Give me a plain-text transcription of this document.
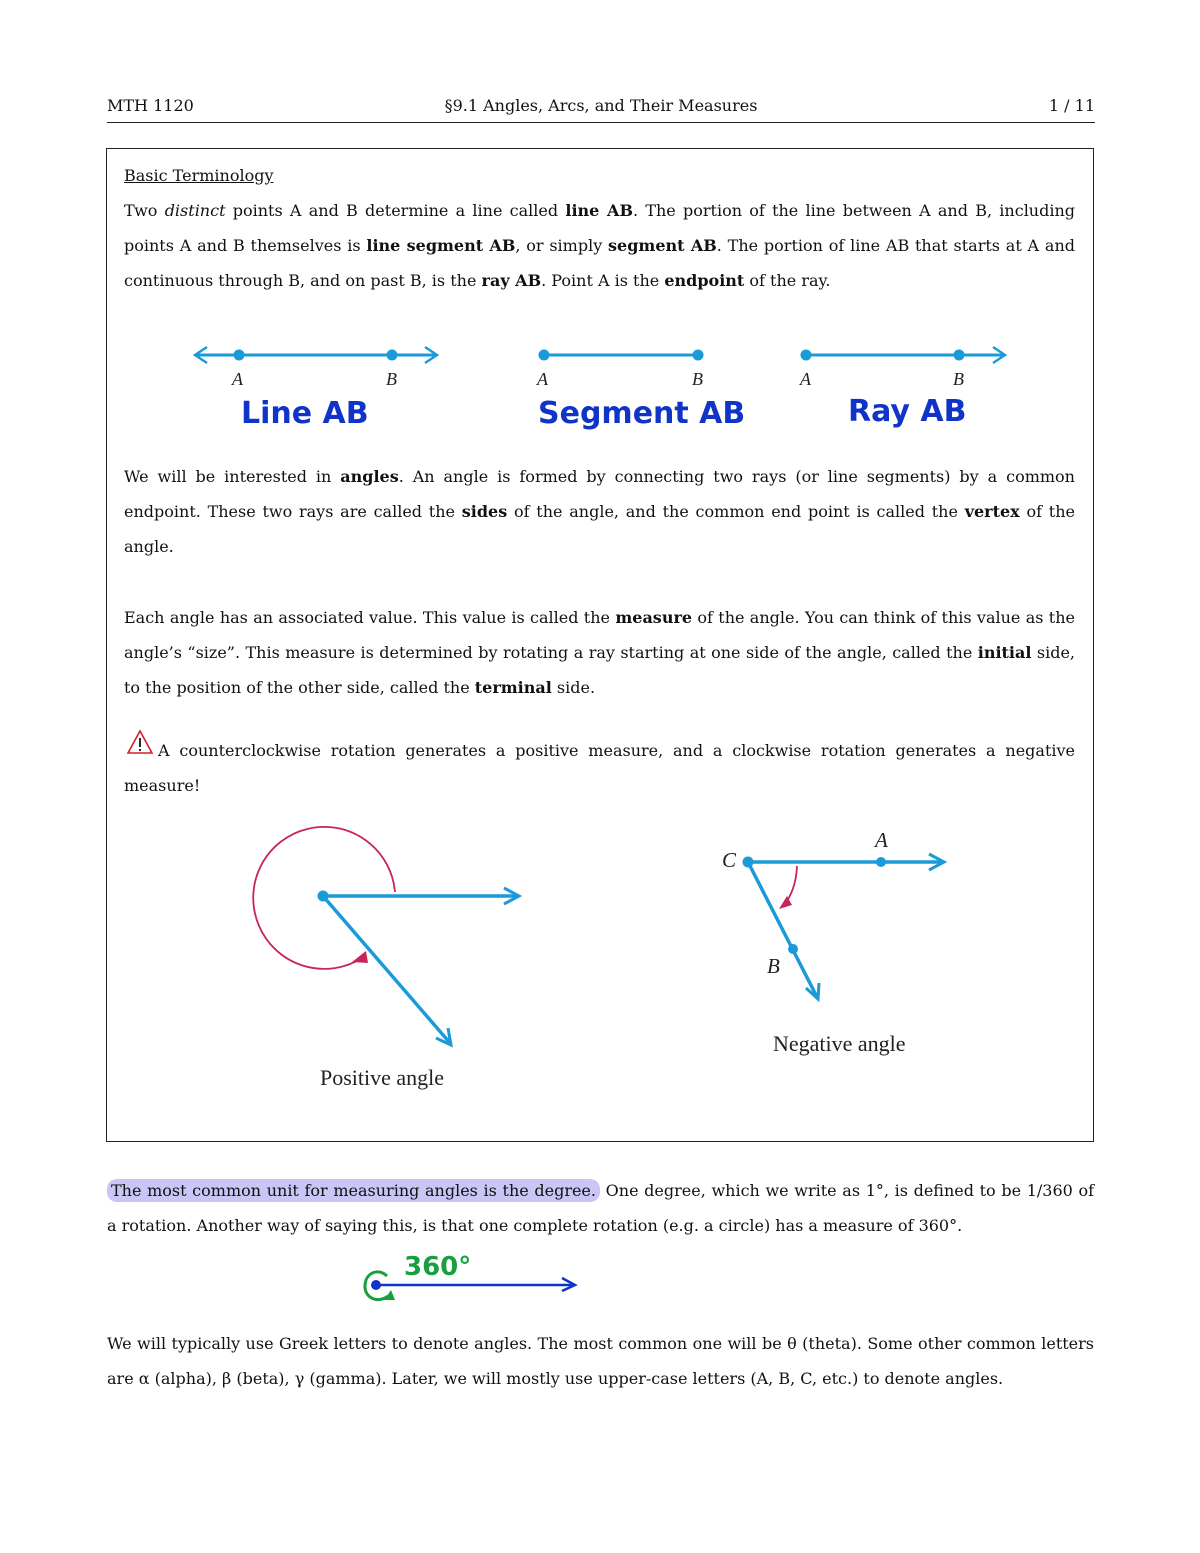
MTH 1120	§9.1 Angles, Arcs, and Their Measures	1 / 11
Basic Terminology

Two distinct points A and B determine a line called line AB. The portion of the line between A and B, including points A and B themselves is line segment AB, or simply segment AB. The portion of line AB that starts at A and continuous through B, and on past B, is the ray AB. Point A is the endpoint of the ray.

A	B	A	B	A	B
Line AB	Segment AB	Ray AB

We will be interested in angles. An angle is formed by connecting two rays (or line segments) by a common endpoint. These two rays are called the sides of the angle, and the common end point is called the vertex of the angle.

Each angle has an associated value. This value is called the measure of the angle. You can think of this value as the angle’s “size”. This measure is determined by rotating a ray starting at one side of the angle, called the initial side, to the position of the other side, called the terminal side.

A counterclockwise rotation generates a positive measure, and a clockwise rotation generates a negative measure!

Positive angle
Negative angle
C
A
B

The most common unit for measuring angles is the degree. One degree, which we write as 1°, is defined to be 1/360 of a rotation. Another way of saying this, is that one complete rotation (e.g. a circle) has a measure of 360°.

360°

We will typically use Greek letters to denote angles. The most common one will be θ (theta). Some other common letters are α (alpha), β (beta), γ (gamma). Later, we will mostly use upper-case letters (A, B, C, etc.) to denote angles.
